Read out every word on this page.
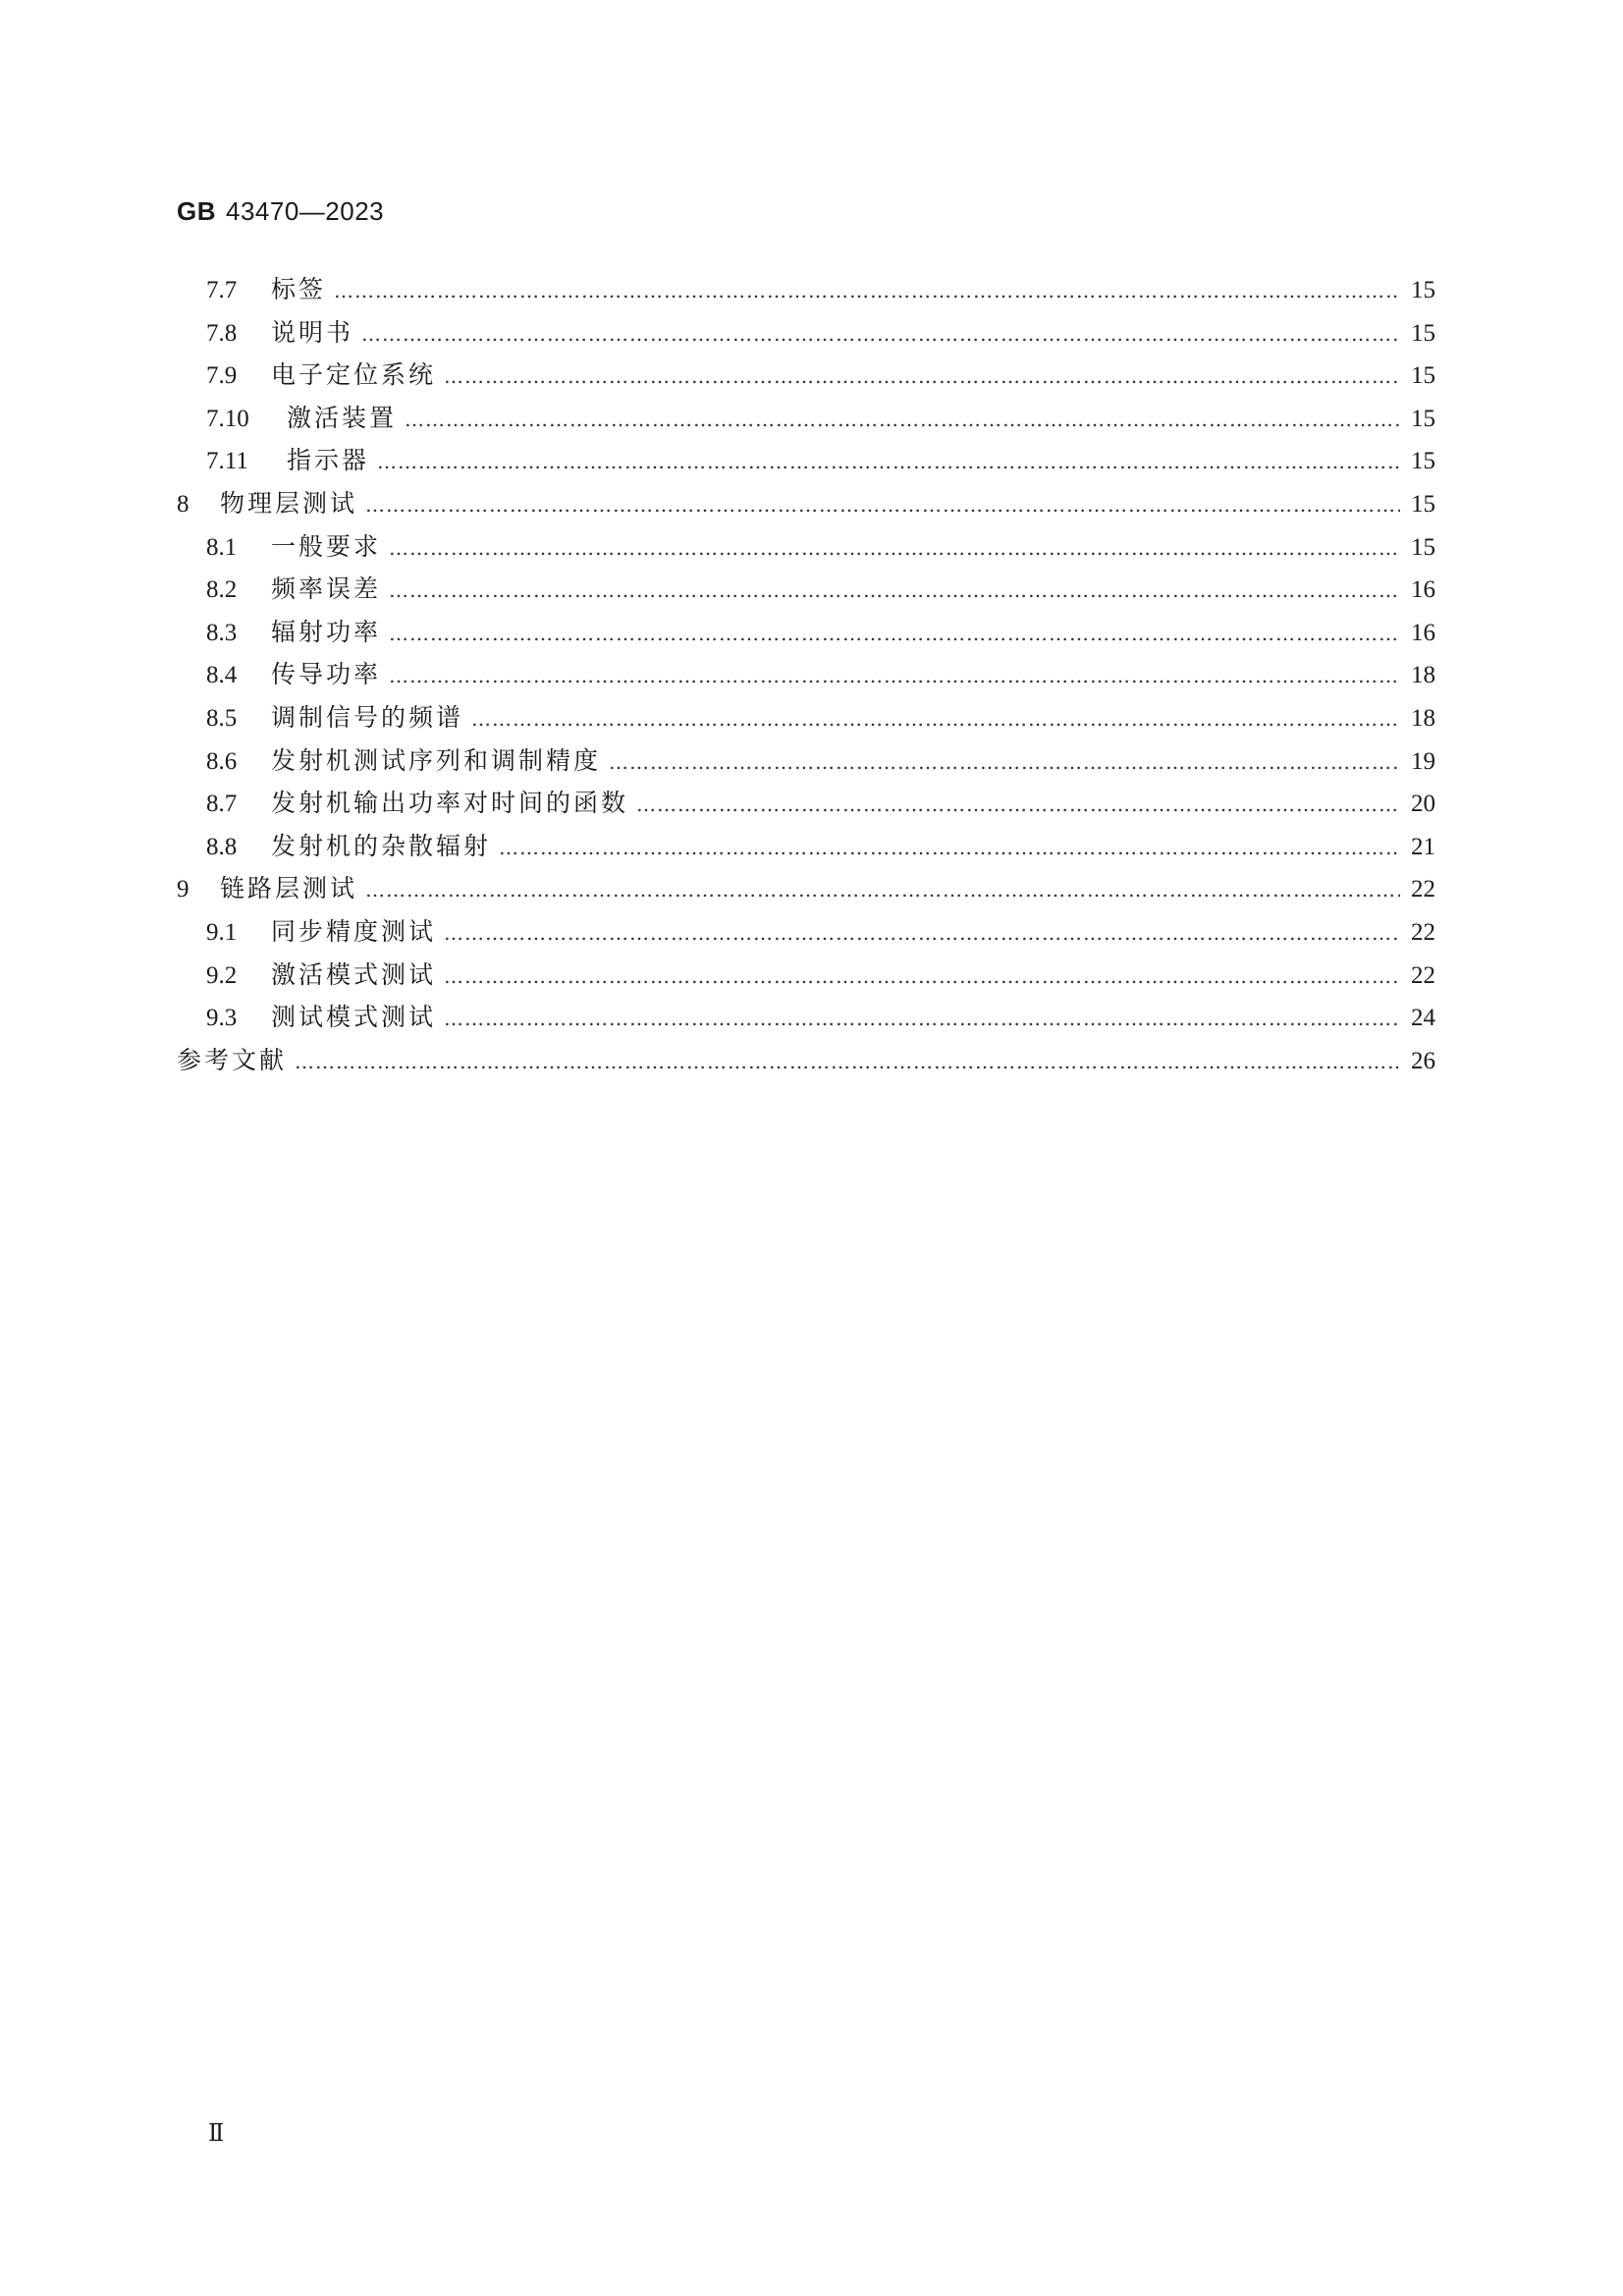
GB 43470—2023
7.7	标签 …………………………………………………………………………………………………………………………………………………………………………………………………………	15
7.8	说明书 …………………………………………………………………………………………………………………………………………………………………………………………………………	15
7.9	电子定位系统 …………………………………………………………………………………………………………………………………………………………………………………………………………	15
7.10	激活装置 …………………………………………………………………………………………………………………………………………………………………………………………………………	15
7.11	指示器 …………………………………………………………………………………………………………………………………………………………………………………………………………	15
8	物理层测试 …………………………………………………………………………………………………………………………………………………………………………………………………………	15
8.1	一般要求 …………………………………………………………………………………………………………………………………………………………………………………………………………	15
8.2	频率误差 …………………………………………………………………………………………………………………………………………………………………………………………………………	16
8.3	辐射功率 …………………………………………………………………………………………………………………………………………………………………………………………………………	16
8.4	传导功率 …………………………………………………………………………………………………………………………………………………………………………………………………………	18
8.5	调制信号的频谱 …………………………………………………………………………………………………………………………………………………………………………………………………………	18
8.6	发射机测试序列和调制精度 …………………………………………………………………………………………………………………………………………………………………………………………………………	19
8.7	发射机输出功率对时间的函数 …………………………………………………………………………………………………………………………………………………………………………………………………………	20
8.8	发射机的杂散辐射 …………………………………………………………………………………………………………………………………………………………………………………………………………	21
9	链路层测试 …………………………………………………………………………………………………………………………………………………………………………………………………………	22
9.1	同步精度测试 …………………………………………………………………………………………………………………………………………………………………………………………………………	22
9.2	激活模式测试 …………………………………………………………………………………………………………………………………………………………………………………………………………	22
9.3	测试模式测试 …………………………………………………………………………………………………………………………………………………………………………………………………………	24
参考文献 …………………………………………………………………………………………………………………………………………………………………………………………………………	26
Ⅱ
